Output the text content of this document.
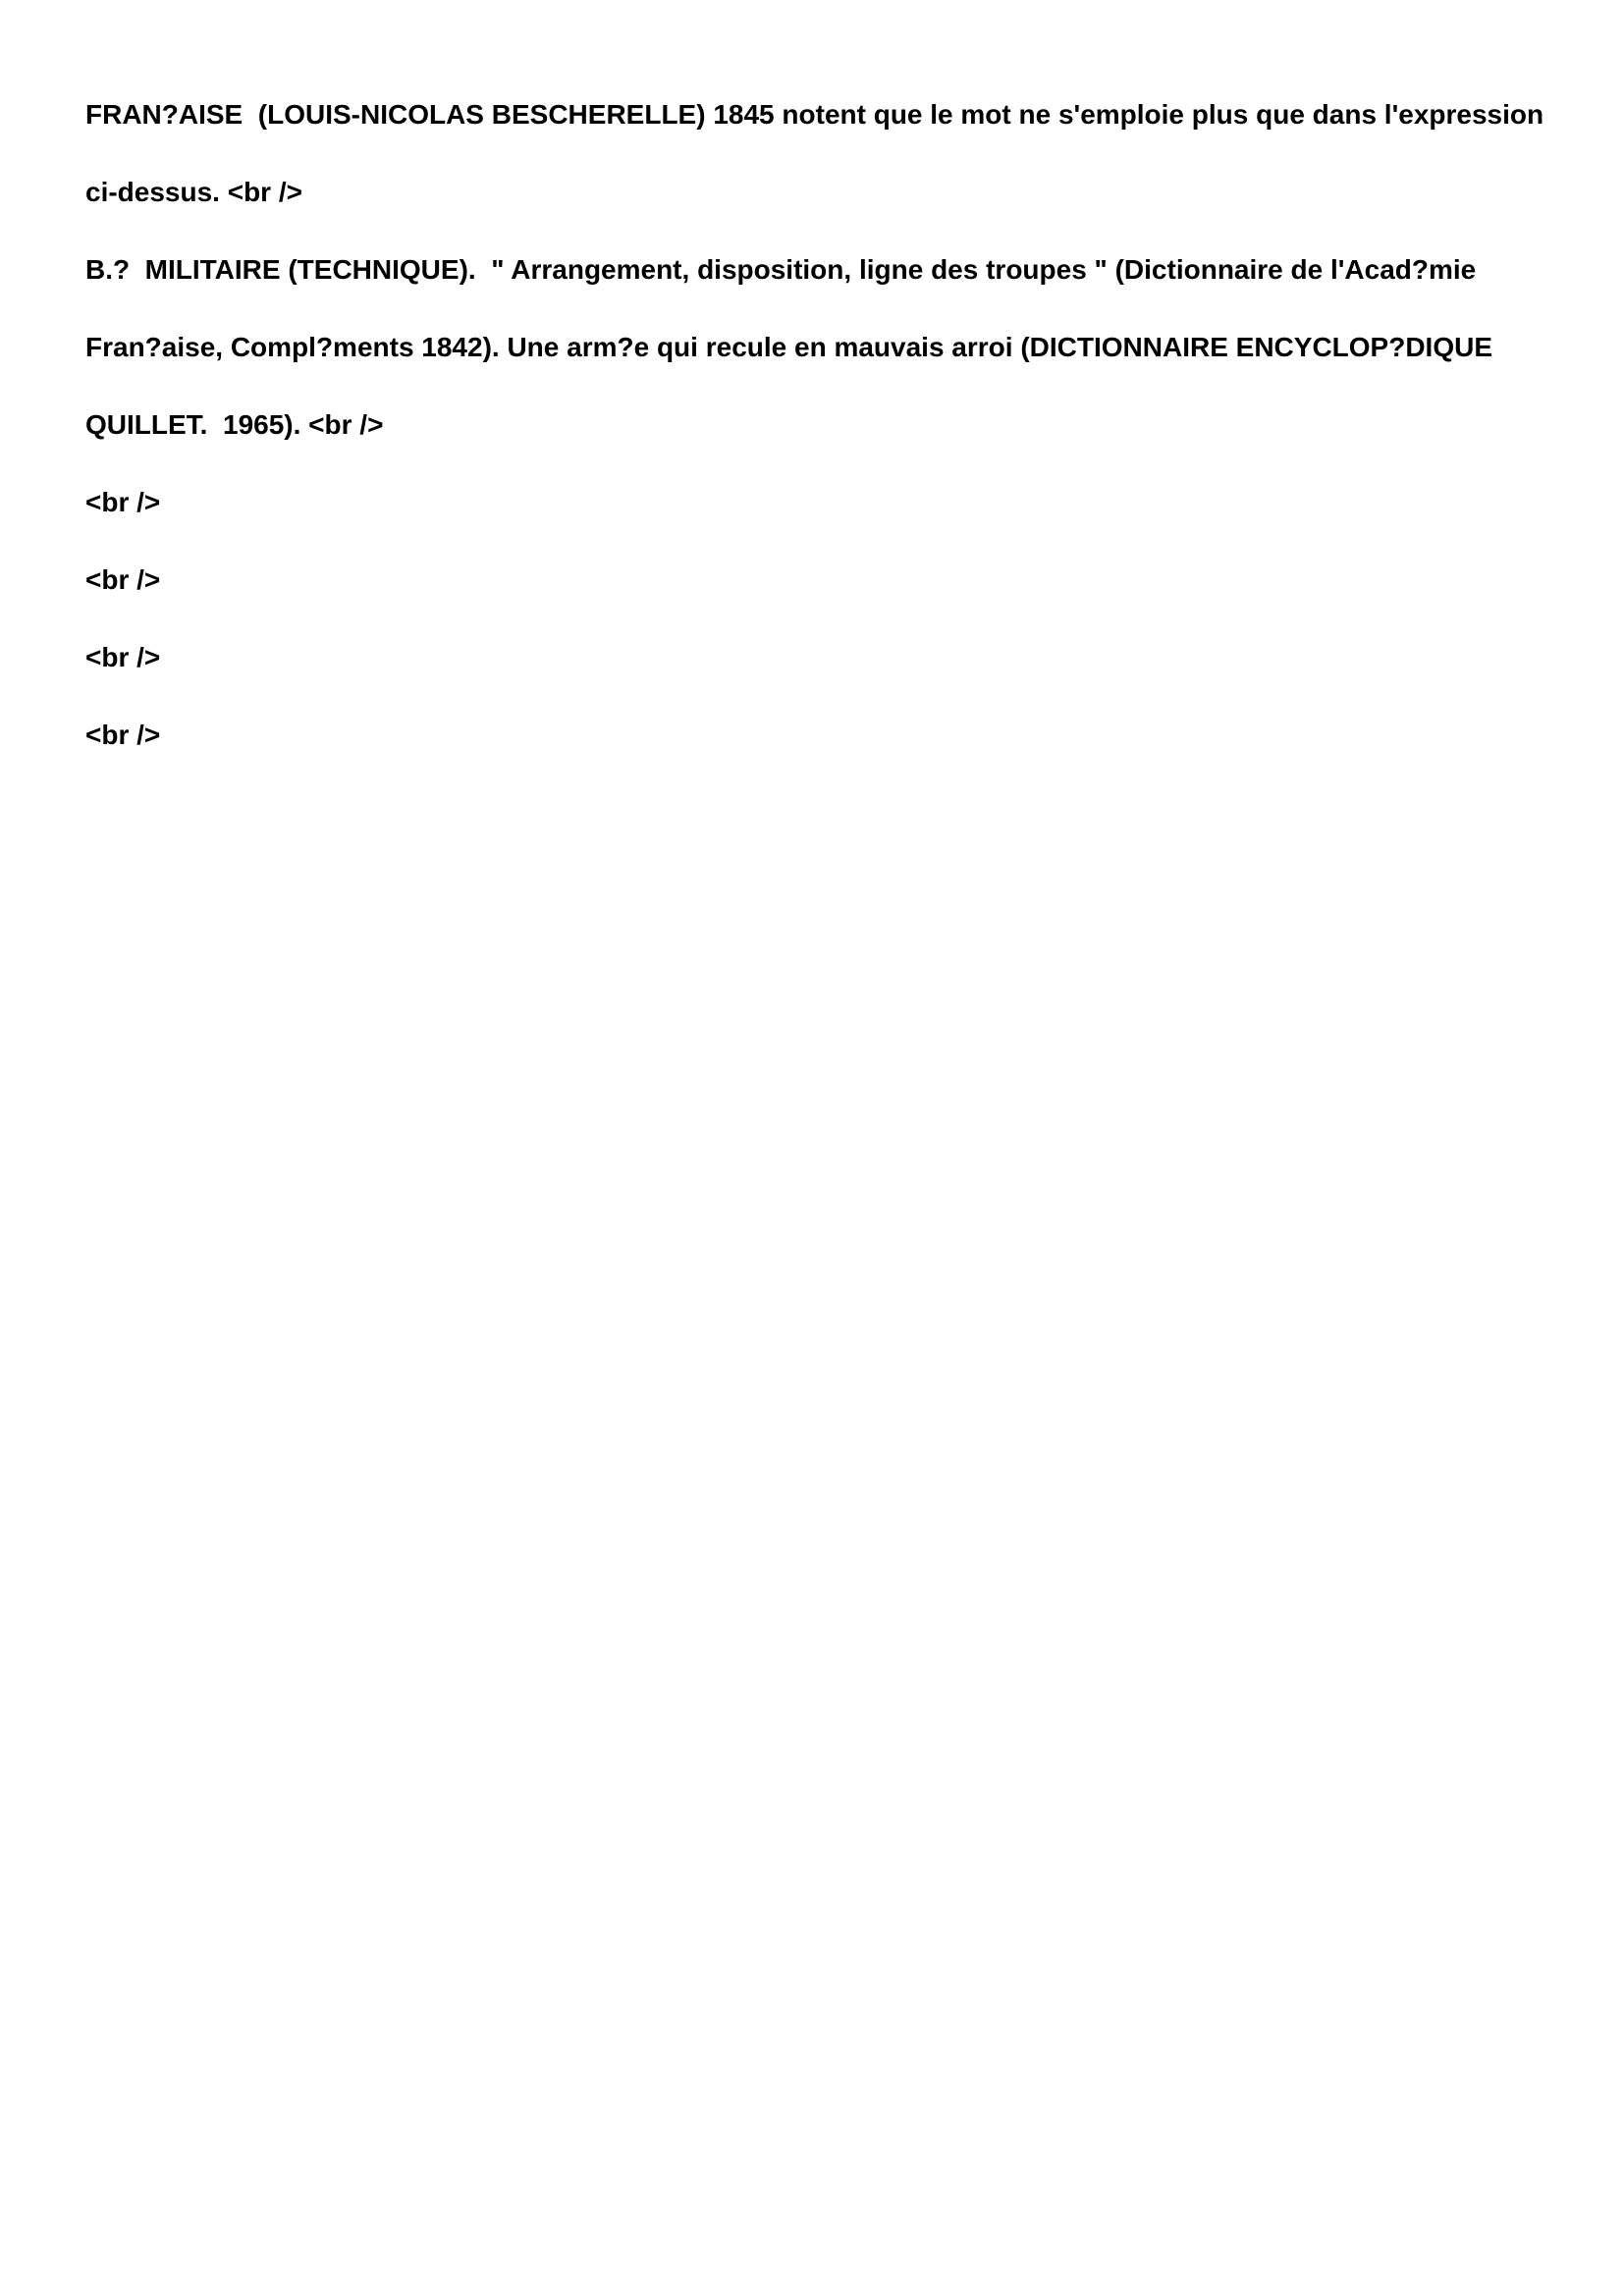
FRAN?AISE  (LOUIS-NICOLAS BESCHERELLE) 1845 notent que le mot ne s'emploie plus que dans l'expression
ci-dessus. <br />
B.?  MILITAIRE (TECHNIQUE).  " Arrangement, disposition, ligne des troupes " (Dictionnaire de l'Acad?mie
Fran?aise, Compl?ments 1842). Une arm?e qui recule en mauvais arroi (DICTIONNAIRE ENCYCLOP?DIQUE
QUILLET.  1965). <br />
<br />
<br />
<br />
<br />
